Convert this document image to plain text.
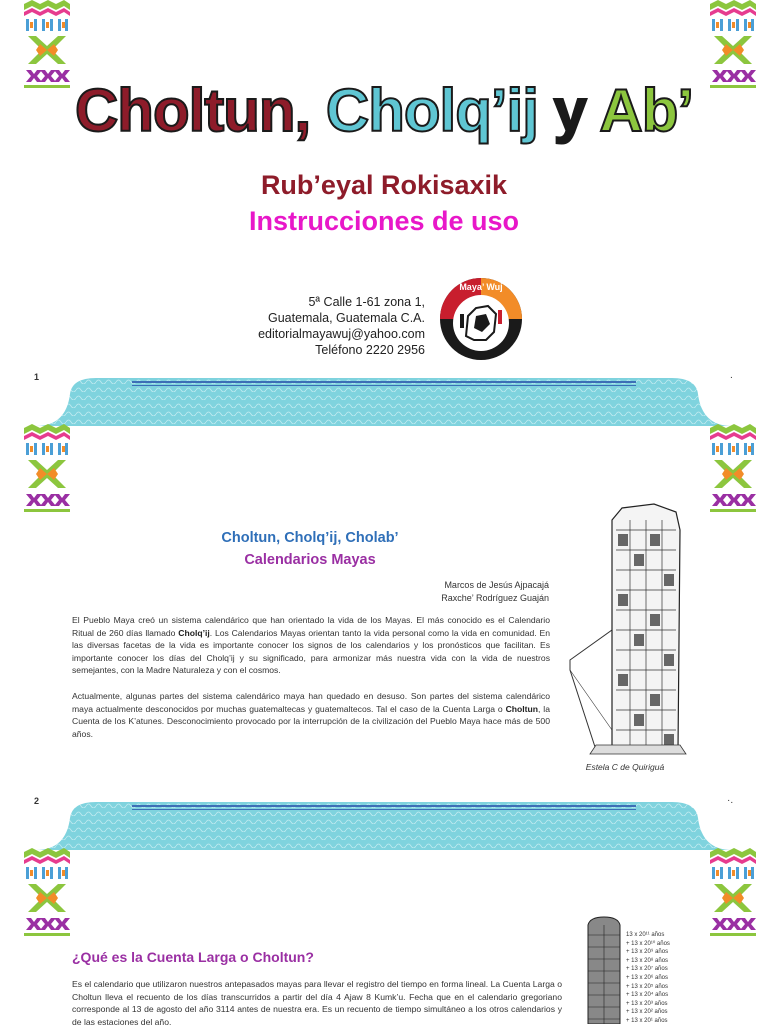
Choltun, Cholq’ij y Ab’
Rub’eyal Rokisaxik
Instrucciones de uso
5ª Calle 1-61 zona 1,
Guatemala, Guatemala C.A.
editorialmayawuj@yahoo.com
Teléfono 2220 2956
Maya’ Wuj
1	.
Choltun, Cholq’ij, Cholab’
Calendarios Mayas
Marcos de Jesús Ajpacajá
Raxche’ Rodríguez Guaján

El Pueblo Maya creó un sistema calendárico que han orientado la vida de los Mayas. El más conocido es el Calendario Ritual de 260 días llamado Cholq’ij. Los Calendarios Mayas orientan tanto la vida personal como la vida en comunidad. En las diversas facetas de la vida es importante conocer los signos de los calendarios y los pronósticos que facilitan. Es importante conocer los días del Cholq’ij y su significado, para armonizar más nuestra vida con la vida de nuestros semejantes, con la Madre Naturaleza y con el cosmos.

Actualmente, algunas partes del sistema calendárico maya han quedado en desuso. Son partes del sistema calendárico maya actualmente desconocidos por muchas guatemaltecas y guatemaltecos. Tal el caso de la Cuenta Larga o Choltun, la Cuenta de los K’atunes. Desconocimiento provocado por la interrupción de la civilización del Pueblo Maya hace más de 500 años.

Estela C de Quiriguá
2	·.
¿Qué es la Cuenta Larga o Choltun?

Es el calendario que utilizaron nuestros antepasados mayas para llevar el registro del tiempo en forma lineal. La Cuenta Larga o Choltun lleva el recuento de los días transcurridos a partir del día 4 Ajaw 8 Kumk’u. Fecha que en el calendario gregoriano corresponde al 13 de agosto del año 3114 antes de nuestra era. Es un recuento de tiempo simultáneo a los otros calendarios y de las estaciones del año.

13 x 20¹¹ años
+ 13 x 20¹⁰ años
+ 13 x 20⁹ años
+ 13 x 20⁸ años
+ 13 x 20⁷ años
+ 13 x 20⁶ años
+ 13 x 20⁵ años
+ 13 x 20⁴ años
+ 13 x 20³ años
+ 13 x 20² años
+ 13 x 20¹ años
